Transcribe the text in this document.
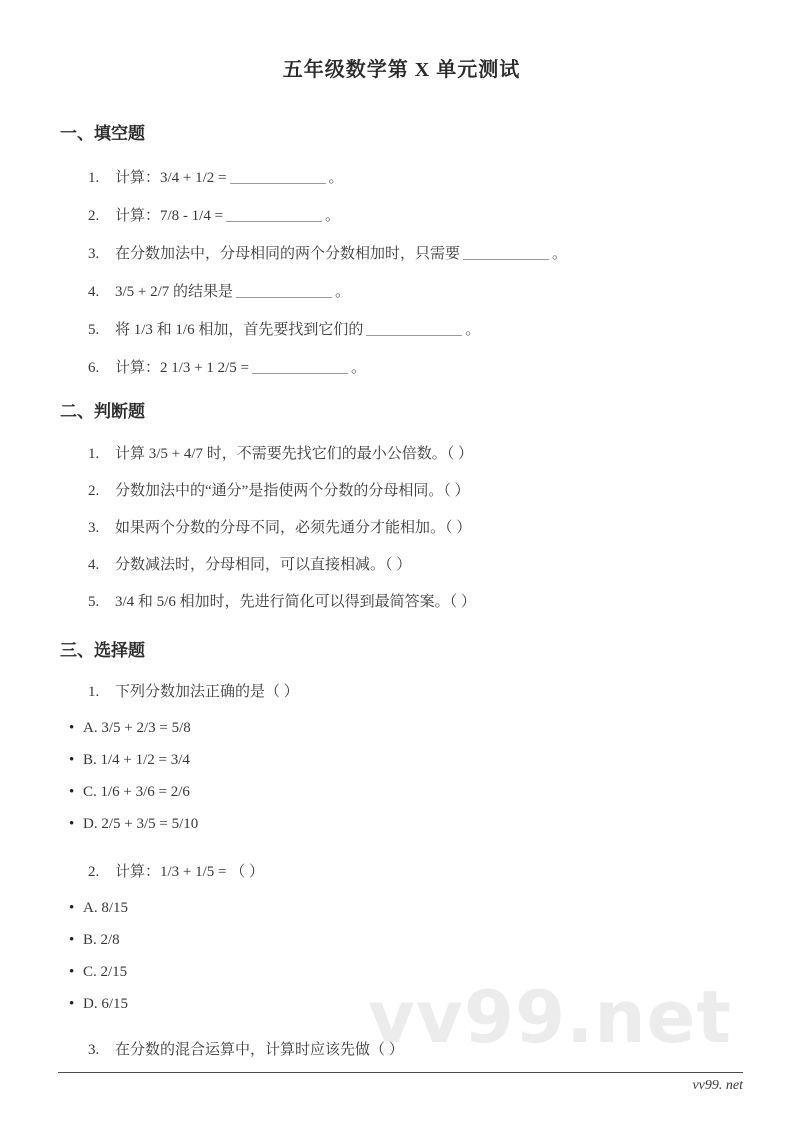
vv99.net
五年级数学第 X 单元测试
一、填空题
1. 计算：3/4 + 1/2 =	。
2. 计算：7/8 - 1/4 =	。
3. 在分数加法中，分母相同的两个分数相加时，只需要	。
4. 3/5 + 2/7 的结果是	。
5. 将 1/3 和 1/6 相加，首先要找到它们的	。
6. 计算：2 1/3 + 1 2/5 =	。
二、判断题
1. 计算 3/5 + 4/7 时，不需要先找它们的最小公倍数。（ ）
2. 分数加法中的“通分”是指使两个分数的分母相同。（ ）
3. 如果两个分数的分母不同，必须先通分才能相加。（ ）
4. 分数减法时，分母相同，可以直接相减。（ ）
5. 3/4 和 5/6 相加时，先进行简化可以得到最简答案。（ ）
三、选择题
1. 下列分数加法正确的是（ ）
• A. 3/5 + 2/3 = 5/8
• B. 1/4 + 1/2 = 3/4
• C. 1/6 + 3/6 = 2/6
• D. 2/5 + 3/5 = 5/10
2. 计算：1/3 + 1/5 = （ ）
• A. 8/15
• B. 2/8
• C. 2/15
• D. 6/15
3. 在分数的混合运算中，计算时应该先做（ ）
vv99. net
